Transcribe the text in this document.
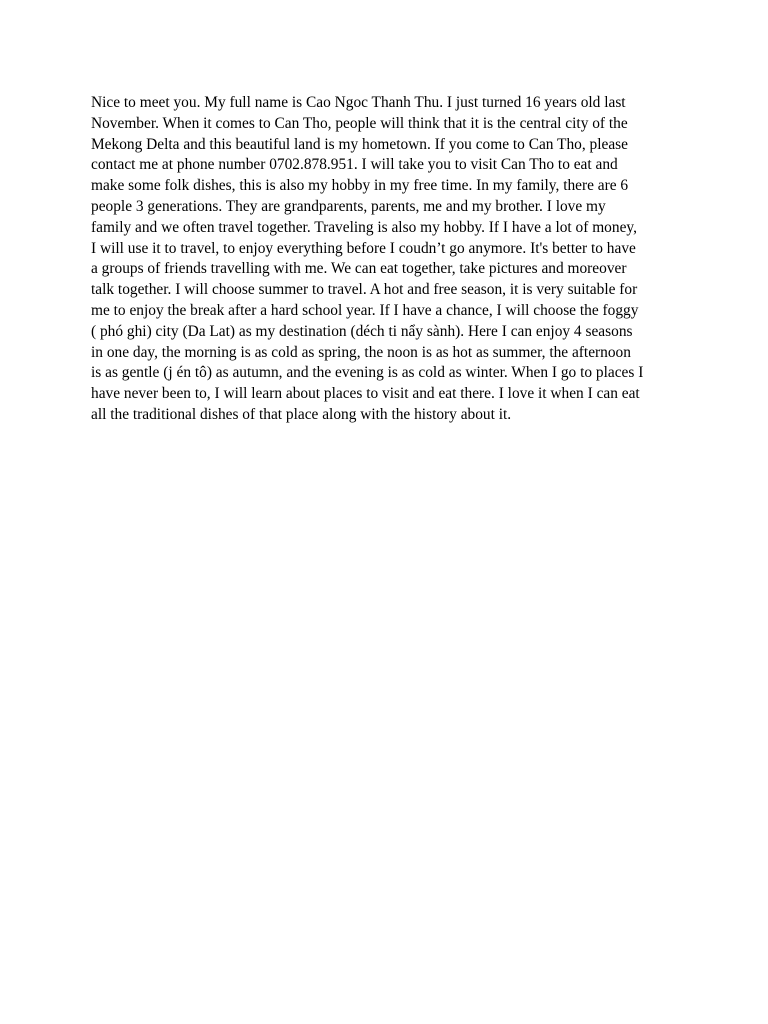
Nice to meet you. My full name is Cao Ngoc Thanh Thu. I just turned 16 years old last
November. When it comes to Can Tho, people will think that it is the central city of the
Mekong Delta and this beautiful land is my hometown. If you come to Can Tho, please
contact me at phone number 0702.878.951. I will take you to visit Can Tho to eat and
make some folk dishes, this is also my hobby in my free time. In my family, there are 6
people 3 generations. They are grandparents, parents, me and my brother. I love my
family and we often travel together. Traveling is also my hobby. If I have a lot of money,
I will use it to travel, to enjoy everything before I coudn’t go anymore. It's better to have
a groups of friends travelling with me. We can eat together, take pictures and moreover
talk together. I will choose summer to travel. A hot and free season, it is very suitable for
me to enjoy the break after a hard school year. If I have a chance, I will choose the foggy
( phó ghi) city (Da Lat) as my destination (déch ti nẩy sành). Here I can enjoy 4 seasons
in one day, the morning is as cold as spring, the noon is as hot as summer, the afternoon
is as gentle (j én tô) as autumn, and the evening is as cold as winter. When I go to places I
have never been to, I will learn about places to visit and eat there. I love it when I can eat
all the traditional dishes of that place along with the history about it.
